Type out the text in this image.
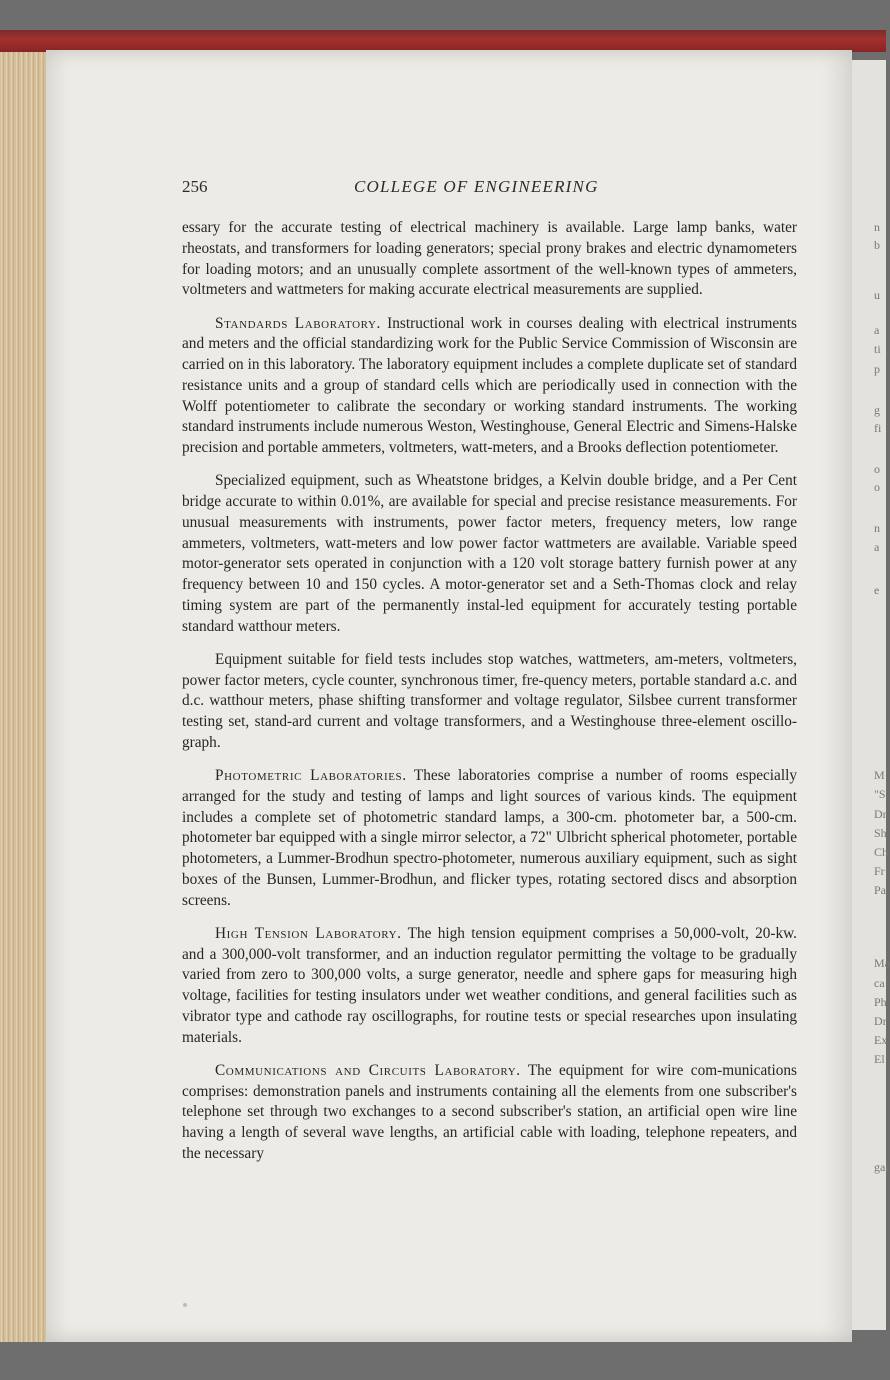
n
b
u
a
ti
p
g
fi
o
o
n
a
e
M
"S
Dr
Sh
Ch
Fr
Pa
Ma
ca
Ph
Dr
Ex
El
gai
256	COLLEGE OF ENGINEERING

essary for the accurate testing of electrical machinery is available. Large lamp banks, water rheostats, and transformers for loading generators; special prony brakes and electric dynamometers for loading motors; and an unusually complete assortment of the well-known types of ammeters, voltmeters and wattmeters for making accurate electrical measurements are supplied.

Standards Laboratory. Instructional work in courses dealing with electrical instruments and meters and the official standardizing work for the Public Service Commission of Wisconsin are carried on in this laboratory. The laboratory equipment includes a complete duplicate set of standard resistance units and a group of standard cells which are periodically used in connection with the Wolff potentiometer to calibrate the secondary or working standard instruments. The working standard instruments include numerous Weston, Westinghouse, General Electric and Simens-Halske precision and portable ammeters, voltmeters, watt-meters, and a Brooks deflection potentiometer.

Specialized equipment, such as Wheatstone bridges, a Kelvin double bridge, and a Per Cent bridge accurate to within 0.01%, are available for special and precise resistance measurements. For unusual measurements with instruments, power factor meters, frequency meters, low range ammeters, voltmeters, watt-meters and low power factor wattmeters are available. Variable speed motor-generator sets operated in conjunction with a 120 volt storage battery furnish power at any frequency between 10 and 150 cycles. A motor-generator set and a Seth-Thomas clock and relay timing system are part of the permanently instal-led equipment for accurately testing portable standard watthour meters.

Equipment suitable for field tests includes stop watches, wattmeters, am-meters, voltmeters, power factor meters, cycle counter, synchronous timer, fre-quency meters, portable standard a.c. and d.c. watthour meters, phase shifting transformer and voltage regulator, Silsbee current transformer testing set, stand-ard current and voltage transformers, and a Westinghouse three-element oscillo-graph.

Photometric Laboratories. These laboratories comprise a number of rooms especially arranged for the study and testing of lamps and light sources of various kinds. The equipment includes a complete set of photometric standard lamps, a 300-cm. photometer bar, a 500-cm. photometer bar equipped with a single mirror selector, a 72" Ulbricht spherical photometer, portable photometers, a Lummer-Brodhun spectro-photometer, numerous auxiliary equipment, such as sight boxes of the Bunsen, Lummer-Brodhun, and flicker types, rotating sectored discs and absorption screens.

High Tension Laboratory. The high tension equipment comprises a 50,000-volt, 20-kw. and a 300,000-volt transformer, and an induction regulator permitting the voltage to be gradually varied from zero to 300,000 volts, a surge generator, needle and sphere gaps for measuring high voltage, facilities for testing insulators under wet weather conditions, and general facilities such as vibrator type and cathode ray oscillographs, for routine tests or special researches upon insulating materials.

Communications and Circuits Laboratory. The equipment for wire com-munications comprises: demonstration panels and instruments containing all the elements from one subscriber's telephone set through two exchanges to a second subscriber's station, an artificial open wire line having a length of several wave lengths, an artificial cable with loading, telephone repeaters, and the necessary
